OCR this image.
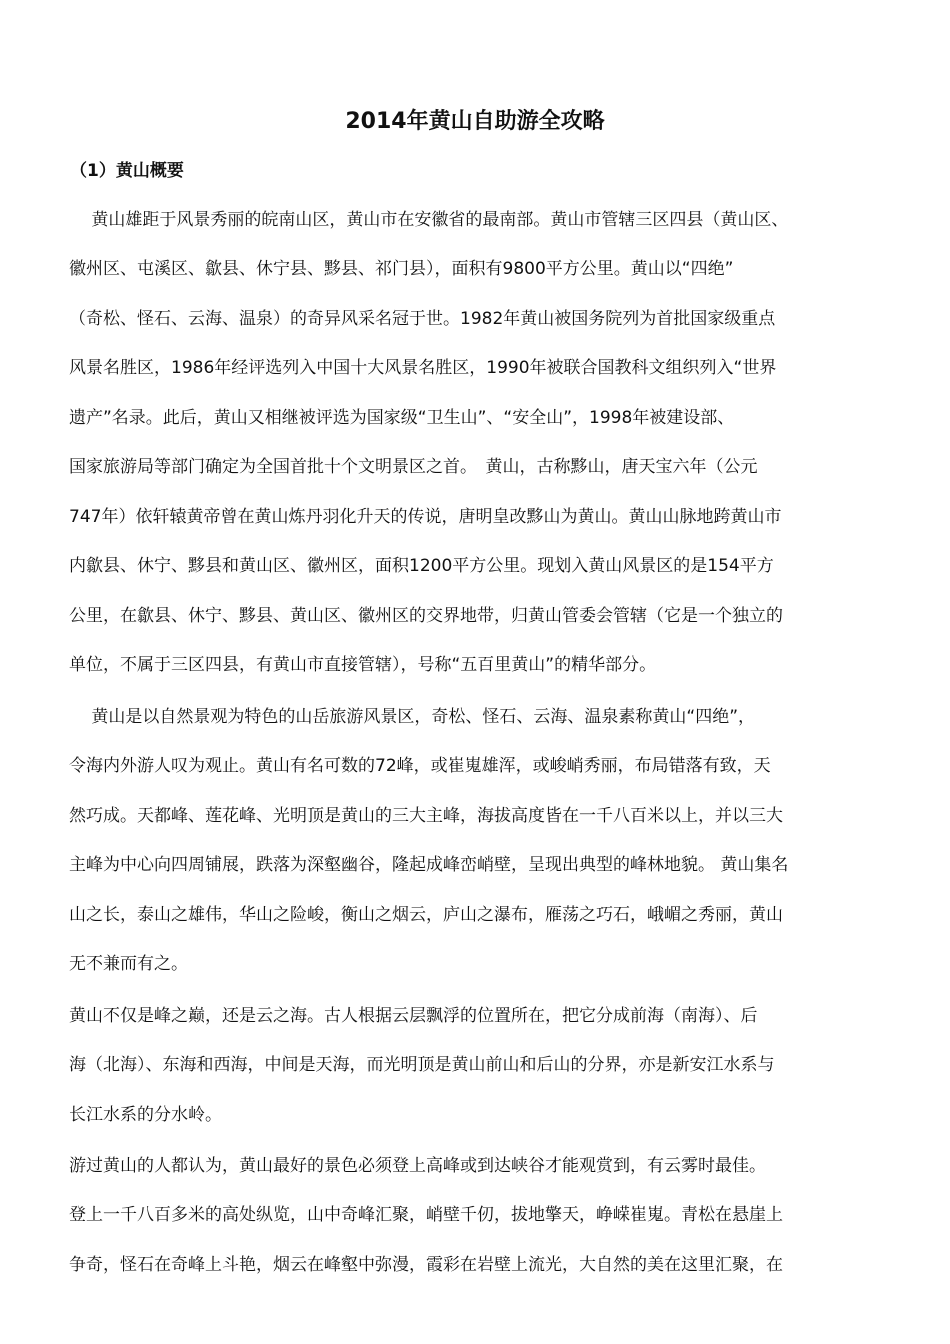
2014年黄山自助游全攻略
（1）黄山概要

　 黄山雄距于风景秀丽的皖南山区，黄山市在安徽省的最南部。黄山市管辖三区四县（黄山区、

徽州区、屯溪区、歙县、休宁县、黟县、祁门县），面积有9800平方公里。黄山以“四绝”

（奇松、怪石、云海、温泉）的奇异风采名冠于世。1982年黄山被国务院列为首批国家级重点

风景名胜区，1986年经评选列入中国十大风景名胜区，1990年被联合国教科文组织列入“世界

遗产”名录。此后，黄山又相继被评选为国家级“卫生山”、“安全山”，1998年被建设部、

国家旅游局等部门确定为全国首批十个文明景区之首。　黄山，古称黟山，唐天宝六年（公元

747年）依轩辕黄帝曾在黄山炼丹羽化升天的传说，唐明皇改黟山为黄山。黄山山脉地跨黄山市

内歙县、休宁、黟县和黄山区、徽州区，面积1200平方公里。现划入黄山风景区的是154平方

公里，在歙县、休宁、黟县、黄山区、徽州区的交界地带，归黄山管委会管辖（它是一个独立的

单位，不属于三区四县，有黄山市直接管辖），号称“五百里黄山”的精华部分。

　 黄山是以自然景观为特色的山岳旅游风景区，奇松、怪石、云海、温泉素称黄山“四绝”，

令海内外游人叹为观止。黄山有名可数的72峰，或崔嵬雄浑，或峻峭秀丽，布局错落有致，天

然巧成。天都峰、莲花峰、光明顶是黄山的三大主峰，海拔高度皆在一千八百米以上，并以三大

主峰为中心向四周铺展，跌落为深壑幽谷，隆起成峰峦峭壁，呈现出典型的峰林地貌。 黄山集名

山之长，泰山之雄伟，华山之险峻，衡山之烟云，庐山之瀑布，雁荡之巧石，峨嵋之秀丽，黄山

无不兼而有之。

黄山不仅是峰之巅，还是云之海。古人根据云层飘浮的位置所在，把它分成前海（南海）、后

海（北海）、东海和西海，中间是天海，而光明顶是黄山前山和后山的分界，亦是新安江水系与

长江水系的分水岭。

游过黄山的人都认为，黄山最好的景色必须登上高峰或到达峡谷才能观赏到，有云雾时最佳。

登上一千八百多米的高处纵览，山中奇峰汇聚，峭壁千仞，拔地擎天，峥嵘崔嵬。青松在悬崖上

争奇，怪石在奇峰上斗艳，烟云在峰壑中弥漫，霞彩在岩壁上流光，大自然的美在这里汇聚，在
